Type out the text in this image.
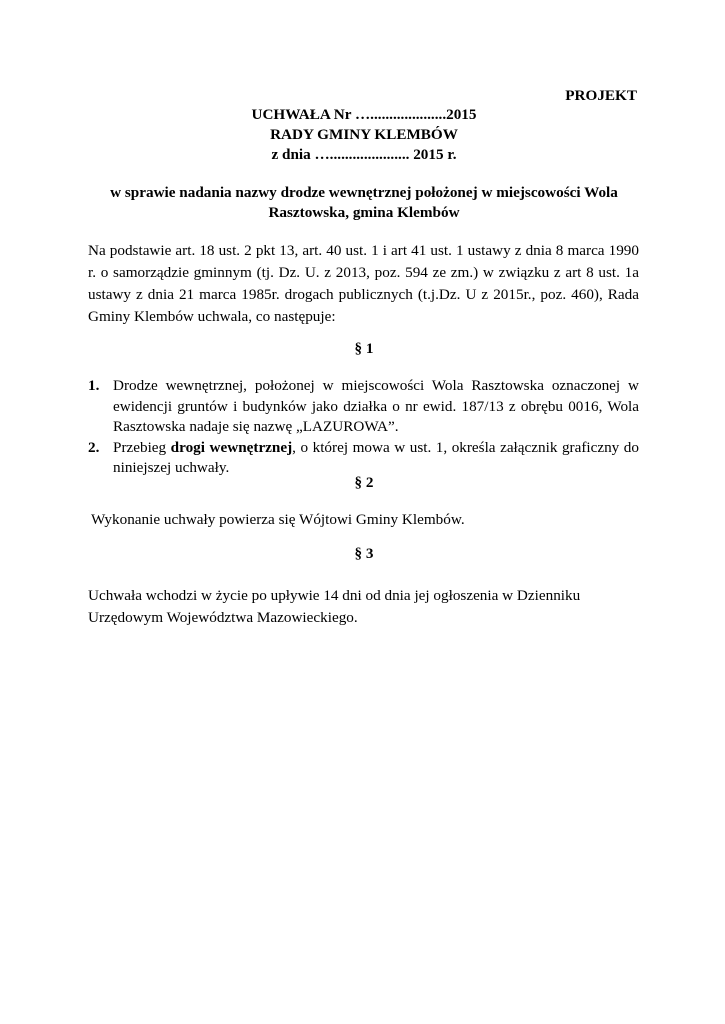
PROJEKT
UCHWAŁA Nr …....................2015
RADY GMINY KLEMBÓW
z dnia …..................... 2015 r.
w sprawie nadania nazwy drodze wewnętrznej położonej w miejscowości Wola
Rasztowska, gmina Klembów
Na podstawie art. 18 ust. 2 pkt 13, art. 40 ust. 1 i art 41 ust. 1 ustawy z dnia 8 marca 1990 r. o samorządzie gminnym (tj. Dz. U. z 2013, poz. 594 ze zm.) w związku z art 8 ust. 1a ustawy z dnia 21 marca 1985r. drogach publicznych (t.j.Dz. U z 2015r., poz. 460), Rada Gminy Klembów uchwala, co następuje:
§ 1
1. Drodze wewnętrznej, położonej w miejscowości Wola Rasztowska oznaczonej w ewidencji gruntów i budynków jako działka o nr ewid. 187/13 z obrębu 0016, Wola Rasztowska nadaje się nazwę „LAZUROWA”.
2. Przebieg drogi wewnętrznej, o której mowa w ust. 1, określa załącznik graficzny do niniejszej uchwały.
§ 2
Wykonanie uchwały powierza się Wójtowi Gminy Klembów.
§ 3
Uchwała wchodzi w życie po upływie 14 dni od dnia jej ogłoszenia w Dzienniku Urzędowym Województwa Mazowieckiego.
